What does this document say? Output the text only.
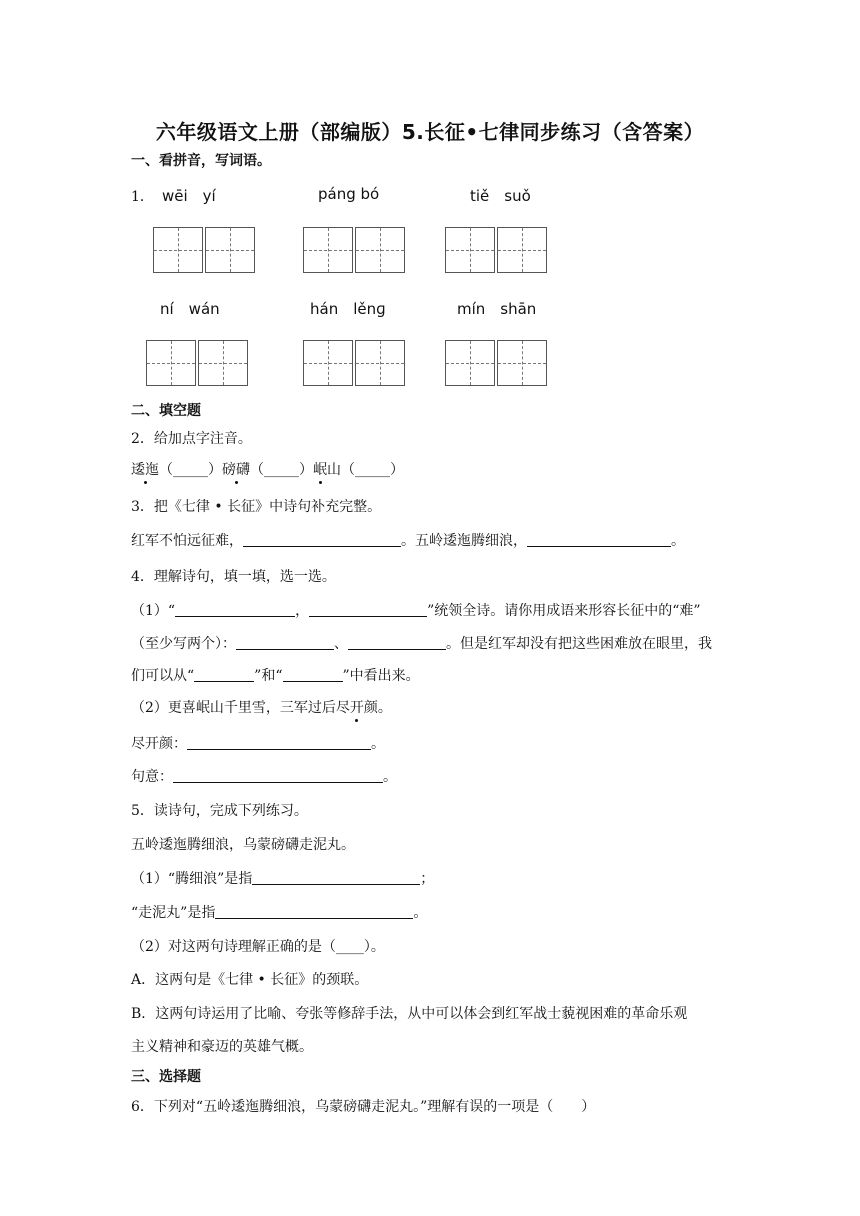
六年级语文上册（部编版）5.长征•七律同步练习（含答案）
一、看拼音，写词语。
1． wēi　yí	páng bó	tiě　suǒ
ní　wán	hán　lěnɡ	mín　shān
二、填空题
2．给加点字注音。
逶迤（_____）磅礴（_____）岷山（_____）
3．把《七律 • 长征》中诗句补充完整。
红军不怕远征难，	。五岭逶迤腾细浪，	。
4．理解诗句，填一填，选一选。
（1）“	，	”统领全诗。请你用成语来形容长征中的“难”
（至少写两个）：	、	。但是红军却没有把这些困难放在眼里，我
们可以从“	”和“	”中看出来。
（2）更喜岷山千里雪，三军过后尽开颜。
尽开颜：	。
句意：	。
5．读诗句，完成下列练习。
五岭逶迤腾细浪，乌蒙磅礴走泥丸。
（1）“腾细浪”是指	；
“走泥丸”是指	。
（2）对这两句诗理解正确的是（____）。
A．这两句是《七律 • 长征》的颈联。
B．这两句诗运用了比喻、夸张等修辞手法，从中可以体会到红军战士藐视困难的革命乐观
主义精神和豪迈的英雄气概。
三、选择题
6．下列对“五岭逶迤腾细浪，乌蒙磅礴走泥丸。”理解有误的一项是（　　）
